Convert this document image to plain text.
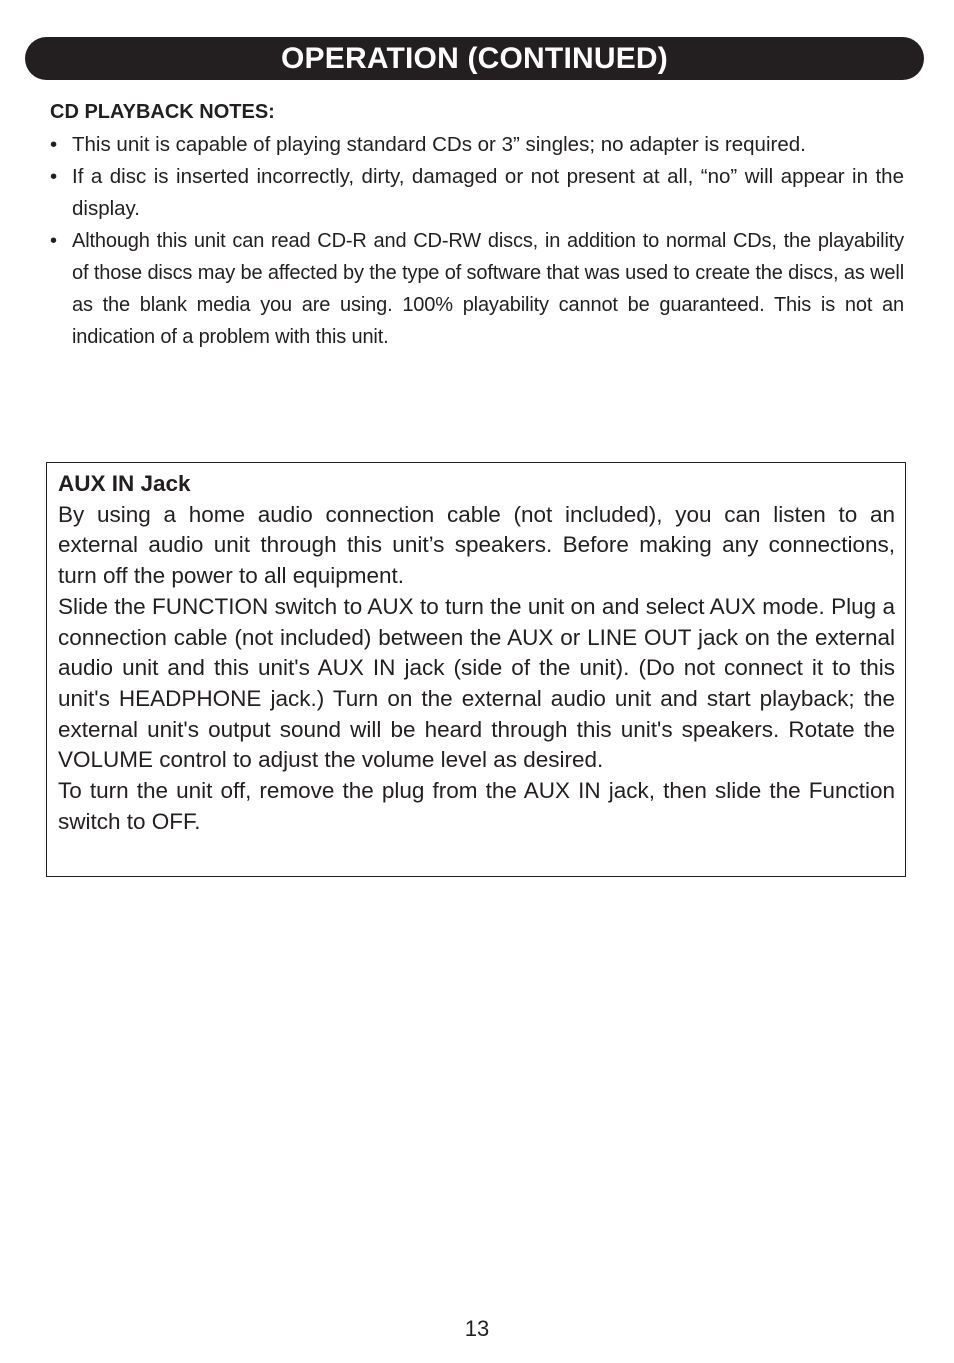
OPERATION (CONTINUED)
CD PLAYBACK NOTES:
• This unit is capable of playing standard CDs or 3” singles; no adapter is required.
• If a disc is inserted incorrectly, dirty, damaged or not present at all, “no” will appear in the display.
• Although this unit can read CD-R and CD-RW discs, in addition to normal CDs, the playability of those discs may be affected by the type of software that was used to create the discs, as well as the blank media you are using. 100% playability cannot be guaranteed. This is not an indication of a problem with this unit.
AUX IN Jack

By using a home audio connection cable (not included), you can listen to an external audio unit through this unit’s speakers. Before making any connections, turn off the power to all equipment.

Slide the FUNCTION switch to AUX to turn the unit on and select AUX mode. Plug a connection cable (not included) between the AUX or LINE OUT jack on the external audio unit and this unit's AUX IN jack (side of the unit). (Do not connect it to this unit's HEADPHONE jack.) Turn on the external audio unit and start playback; the external unit's output sound will be heard through this unit's speakers. Rotate the VOLUME control to adjust the volume level as desired.

To turn the unit off, remove the plug from the AUX IN jack, then slide the Function switch to OFF.

13
